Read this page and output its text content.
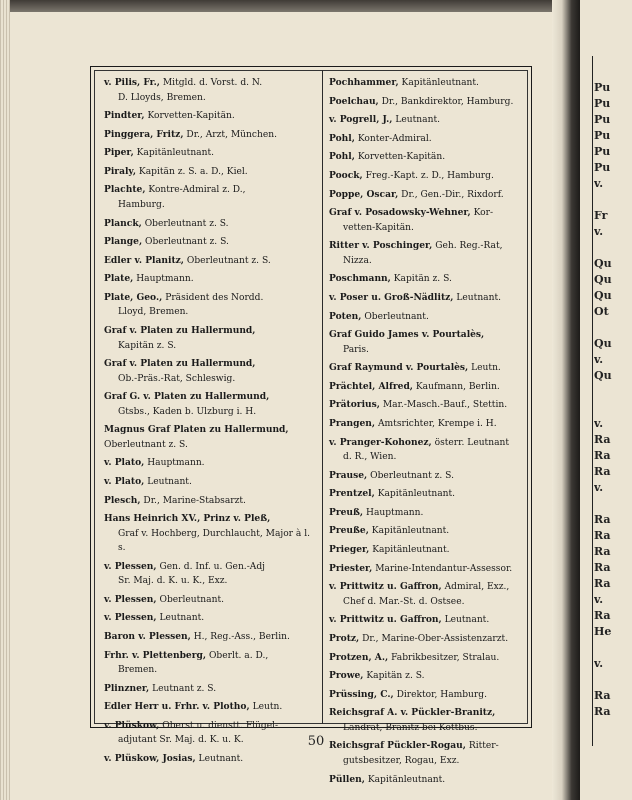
v. Pilis, Fr., Mitgld. d. Vorst. d. N.
D. Lloyds, Bremen.
Pindter, Korvetten-Kapitän.
Pinggera, Fritz, Dr., Arzt, München.
Piper, Kapitänleutnant.
Piraly, Kapitän z. S. a. D., Kiel.
Plachte, Kontre-Admiral z. D.,
Hamburg.
Planck, Oberleutnant z. S.
Plange, Oberleutnant z. S.
Edler v. Planitz, Oberleutnant z. S.
Plate, Hauptmann.
Plate, Geo., Präsident des Nordd.
Lloyd, Bremen.
Graf v. Platen zu Hallermund,
Kapitän z. S.
Graf v. Platen zu Hallermund,
Ob.-Präs.-Rat, Schleswig.
Graf G. v. Platen zu Hallermund,
Gtsbs., Kaden b. Ulzburg i. H.
Magnus Graf Platen zu Hallermund, Oberleutnant z. S.
v. Plato, Hauptmann.
v. Plato, Leutnant.
Plesch, Dr., Marine-Stabsarzt.
Hans Heinrich XV., Prinz v. Pleß,
Graf v. Hochberg, Durchlaucht, Major à l. s.
v. Plessen, Gen. d. Inf. u. Gen.-Adj
Sr. Maj. d. K. u. K., Exz.
v. Plessen, Oberleutnant.
v. Plessen, Leutnant.
Baron v. Plessen, H., Reg.-Ass., Berlin.
Frhr. v. Plettenberg, Oberlt. a. D.,
Bremen.
Plinzner, Leutnant z. S.
Edler Herr u. Frhr. v. Plotho, Leutn.
v. Plüskow, Oberst u. dienstt. Flügel-
adjutant Sr. Maj. d. K. u. K.
v. Plüskow, Josias, Leutnant.
Pochhammer, Kapitänleutnant.
Poelchau, Dr., Bankdirektor, Hamburg.
v. Pogrell, J., Leutnant.
Pohl, Konter-Admiral.
Pohl, Korvetten-Kapitän.
Poock, Freg.-Kapt. z. D., Hamburg.
Poppe, Oscar, Dr., Gen.-Dir., Rixdorf.
Graf v. Posadowsky-Wehner, Kor-
vetten-Kapitän.
Ritter v. Poschinger, Geh. Reg.-Rat,
Nizza.
Poschmann, Kapitän z. S.
v. Poser u. Groß-Nädlitz, Leutnant.
Poten, Oberleutnant.
Graf Guido James v. Pourtalès,
Paris.
Graf Raymund v. Pourtalès, Leutn.
Prächtel, Alfred, Kaufmann, Berlin.
Prätorius, Mar.-Masch.-Bauf., Stettin.
Prangen, Amtsrichter, Krempe i. H.
v. Pranger-Kohonez, österr. Leutnant
d. R., Wien.
Prause, Oberleutnant z. S.
Prentzel, Kapitänleutnant.
Preuß, Hauptmann.
Preuße, Kapitänleutnant.
Prieger, Kapitänleutnant.
Priester, Marine-Intendantur-Assessor.
v. Prittwitz u. Gaffron, Admiral, Exz.,
Chef d. Mar.-St. d. Ostsee.
v. Prittwitz u. Gaffron, Leutnant.
Protz, Dr., Marine-Ober-Assistenzarzt.
Protzen, A., Fabrikbesitzer, Stralau.
Prowe, Kapitän z. S.
Prüssing, C., Direktor, Hamburg.
Reichsgraf A. v. Pückler-Branitz,
Landrat, Branitz bei Kottbus.
Reichsgraf Pückler-Rogau, Ritter-
gutsbesitzer, Rogau, Exz.
Püllen, Kapitänleutnant.
50
Pu
Pu
Pu
Pu
Pu
Pu
v.

Fr
v.

Qu
Qu
Qu
Ot

Qu
v.
Qu

v.
Ra
Ra
Ra
v.

Ra
Ra
Ra
Ra
Ra
v.
Ra
He

v.

Ra
Ra
